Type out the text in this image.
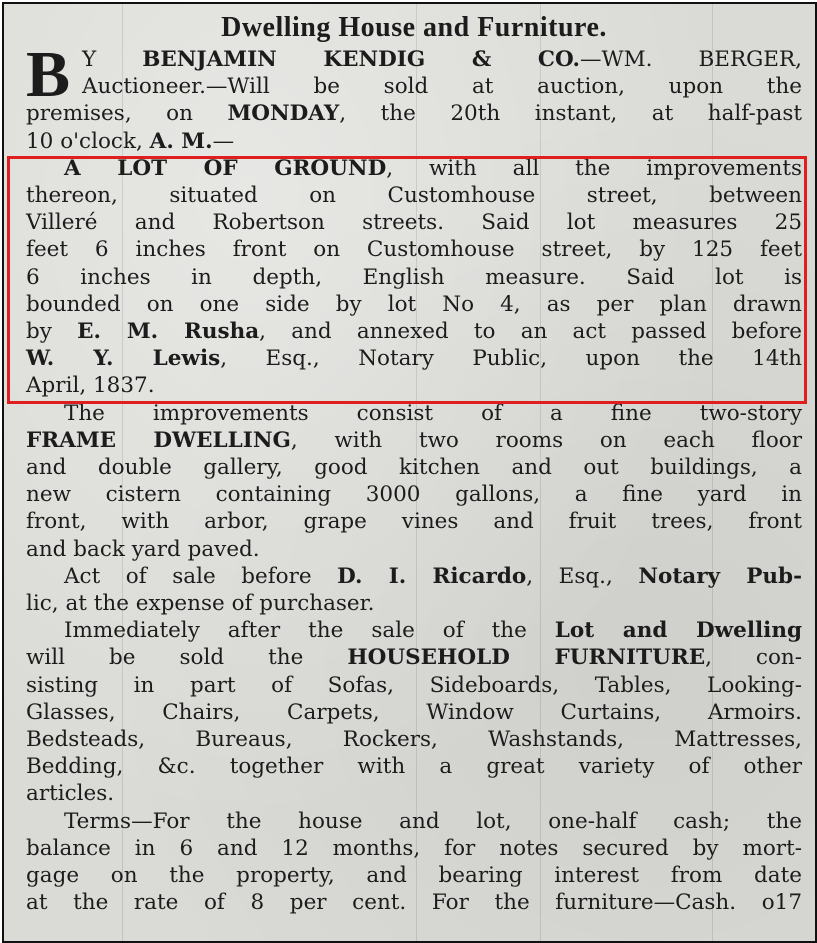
Dwelling House and Furniture.
B Y BENJAMIN KENDIG & CO.—WM. BERGER,
Auctioneer.—Will be sold at auction, upon the
premises, on MONDAY, the 20th instant, at half-past
10 o'clock, A. M.—
A LOT OF GROUND, with all the improvements
thereon, situated on Customhouse street, between
Villeré and Robertson streets. Said lot measures 25
feet 6 inches front on Customhouse street, by 125 feet
6 inches in depth, English measure. Said lot is
bounded on one side by lot No 4, as per plan drawn
by E. M. Rusha, and annexed to an act passed before
W. Y. Lewis, Esq., Notary Public, upon the 14th
April, 1837.
The improvements consist of a fine two-story
FRAME DWELLING, with two rooms on each floor
and double gallery, good kitchen and out buildings, a
new cistern containing 3000 gallons, a fine yard in
front, with arbor, grape vines and fruit trees, front
and back yard paved.
Act of sale before D. I. Ricardo, Esq., Notary Pub-
lic, at the expense of purchaser.
Immediately after the sale of the Lot and Dwelling
will be sold the HOUSEHOLD FURNITURE, con-
sisting in part of Sofas, Sideboards, Tables, Looking-
Glasses, Chairs, Carpets, Window Curtains, Armoirs.
Bedsteads, Bureaus, Rockers, Washstands, Mattresses,
Bedding, &c. together with a great variety of other
articles.
Terms—For the house and lot, one-half cash; the
balance in 6 and 12 months, for notes secured by mort-
gage on the property, and bearing interest from date
at the rate of 8 per cent. For the furniture—Cash. o17
